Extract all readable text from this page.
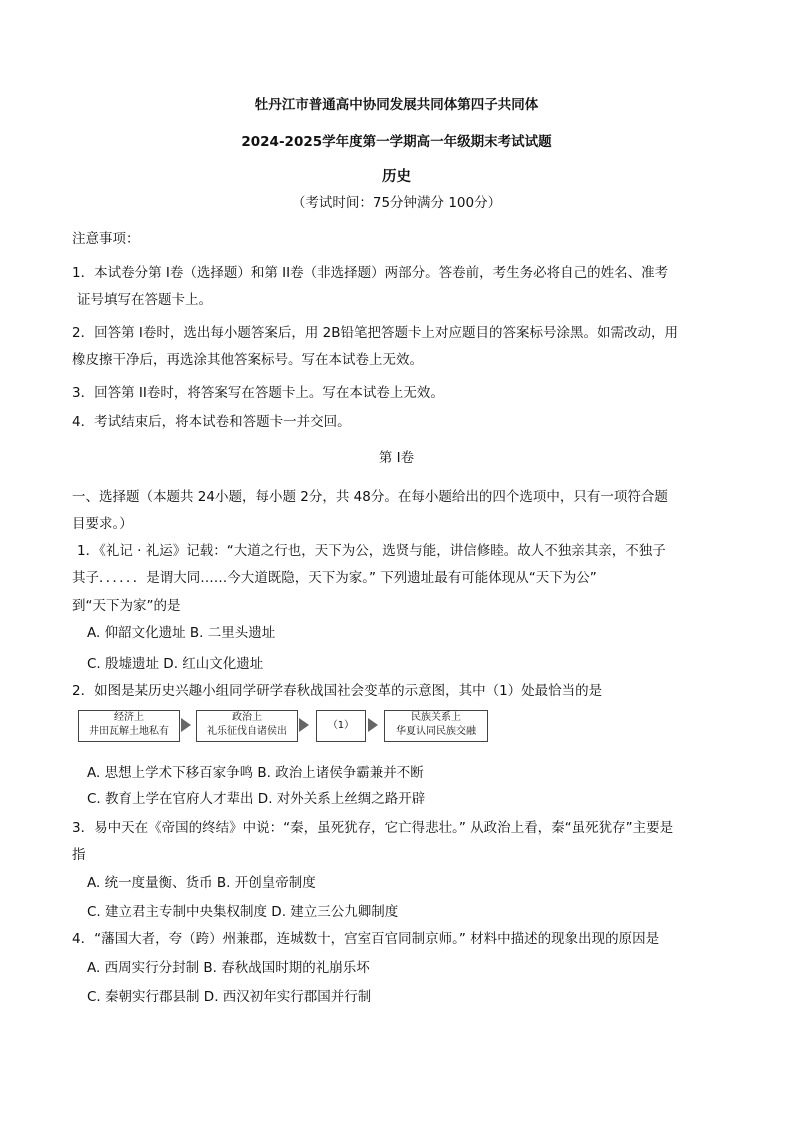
牡丹江市普通高中协同发展共同体第四子共同体
2024-2025学年度第一学期高一年级期末考试试题
历史
（考试时间：75分钟满分 100分）
注意事项：
1．本试卷分第 I卷（选择题）和第 II卷（非选择题）两部分。答卷前，考生务必将自己的姓名、准考
证号填写在答题卡上。
2．回答第 I卷时，选出每小题答案后，用 2B铅笔把答题卡上对应题目的答案标号涂黑。如需改动，用
橡皮擦干净后，再选涂其他答案标号。写在本试卷上无效。
3．回答第 II卷时，将答案写在答题卡上。写在本试卷上无效。
4．考试结束后，将本试卷和答题卡一并交回。
第 I卷
一、选择题（本题共 24小题，每小题 2分，共 48分。在每小题给出的四个选项中，只有一项符合题
目要求。）
1．《礼记 · 礼运》记载：“大道之行也，天下为公，选贤与能，讲信修睦。故人不独亲其亲，不独子
其子．．．．．．是谓大同……今大道既隐，天下为家。” 下列遗址最有可能体现从“天下为公”
到“天下为家”的是
A. 仰韶文化遗址 B. 二里头遗址
C. 殷墟遗址 D. 红山文化遗址
2．如图是某历史兴趣小组同学研学春秋战国社会变革的示意图，其中（1）处最恰当的是
经济上
井田瓦解土地私有
政治上
礼乐征伐自诸侯出
（1）
民族关系上
华夏认同民族交融
A. 思想上学术下移百家争鸣 B. 政治上诸侯争霸兼并不断
C. 教育上学在官府人才辈出 D. 对外关系上丝绸之路开辟
3．易中天在《帝国的终结》中说：“秦，虽死犹存，它亡得悲壮。” 从政治上看，秦“虽死犹存”主要是
指
A. 统一度量衡、货币 B. 开创皇帝制度
C. 建立君主专制中央集权制度 D. 建立三公九卿制度
4．“藩国大者，夸（跨）州兼郡，连城数十，宫室百官同制京师。” 材料中描述的现象出现的原因是
A. 西周实行分封制 B. 春秋战国时期的礼崩乐坏
C. 秦朝实行郡县制 D. 西汉初年实行郡国并行制
